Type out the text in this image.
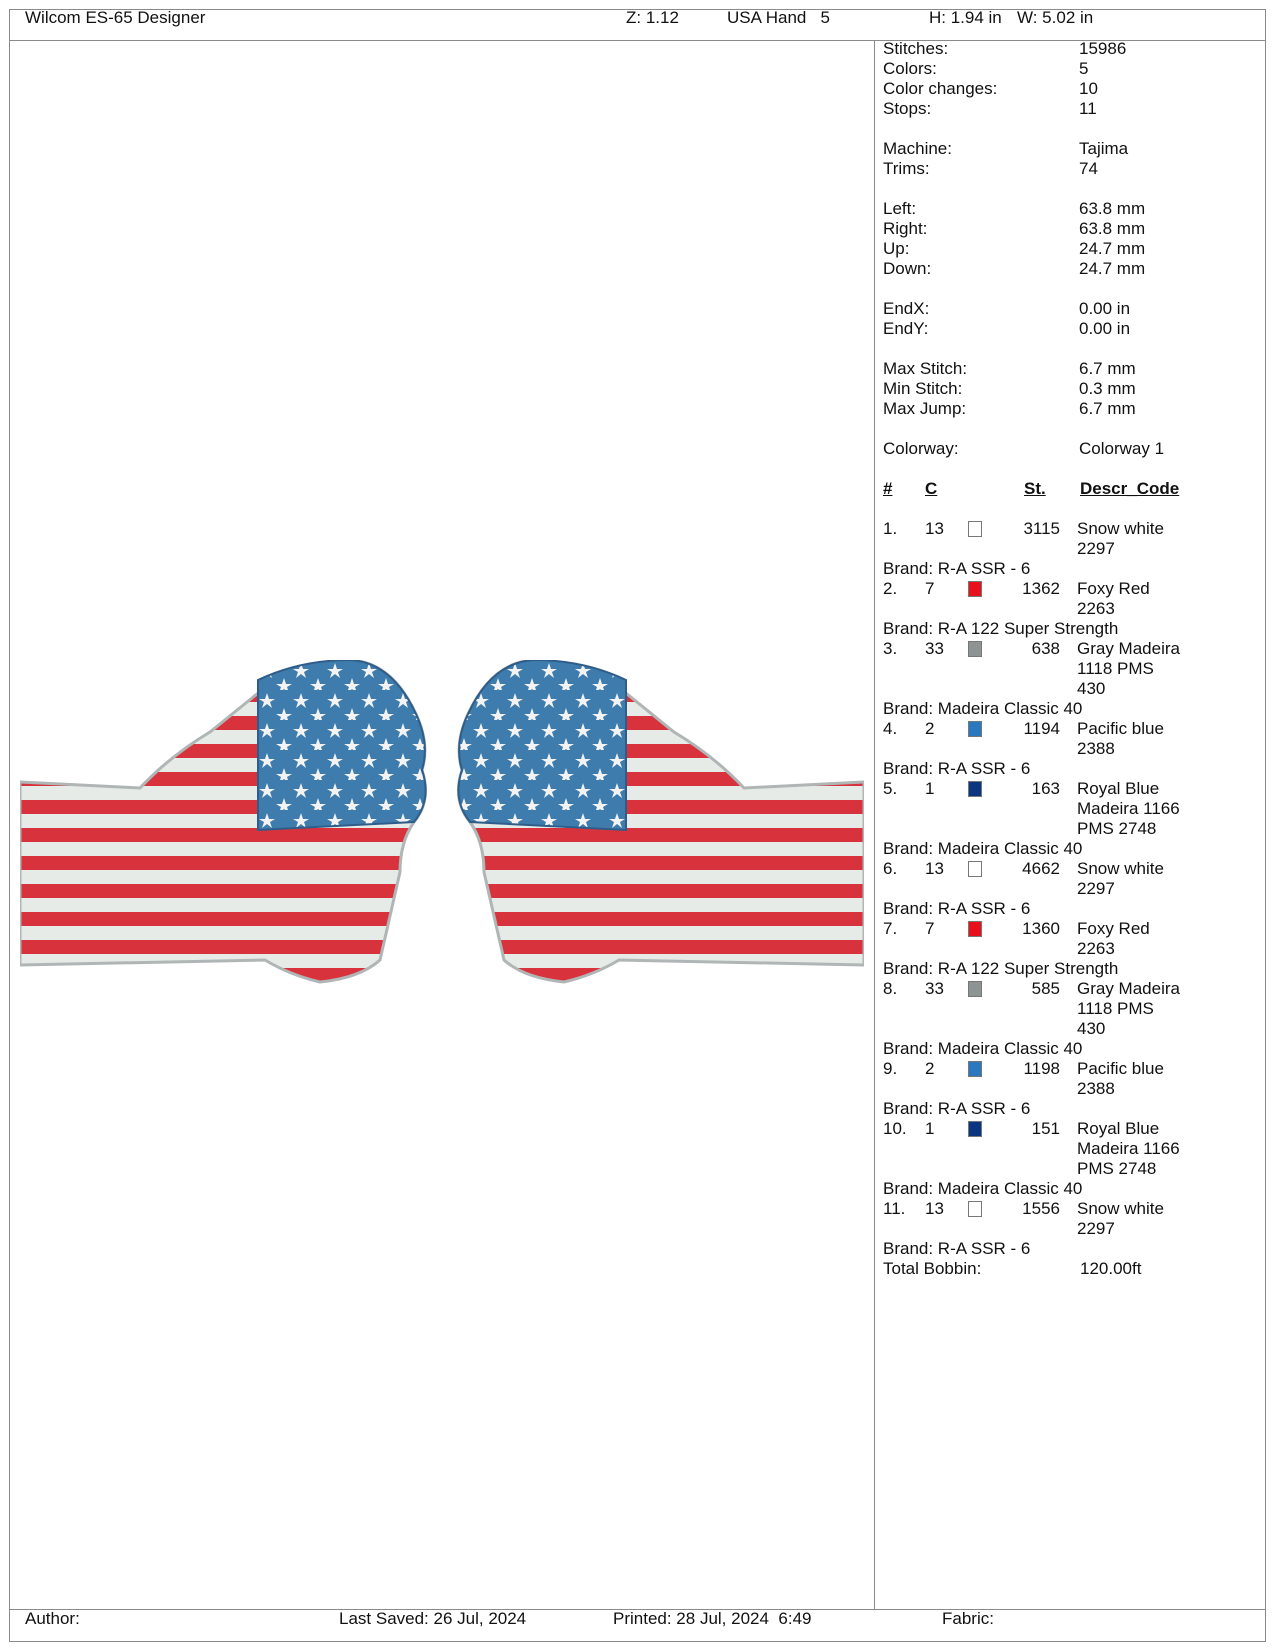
Wilcom ES-65 Designer	Z: 1.12	USA Hand   5	H: 1.94 in W: 5.02 in
Stitches:	15986
Colors:	5
Color changes:	10
Stops:	11
Machine:	Tajima
Trims:	74
Left:	63.8 mm
Right:	63.8 mm
Up:	24.7 mm
Down:	24.7 mm
EndX:	0.00 in
EndY:	0.00 in
Max Stitch:	6.7 mm
Min Stitch:	0.3 mm
Max Jump:	6.7 mm
Colorway:	Colorway 1
# C	St. Descr_Code
1. 13	3115 Snow white
2297
Brand: R-A SSR - 6
2. 7	1362 Foxy Red
2263
Brand: R-A 122 Super Strength
3. 33	638 Gray Madeira
1118 PMS
430
Brand: Madeira Classic 40
4. 2	1194 Pacific blue
2388
Brand: R-A SSR - 6
5. 1	163 Royal Blue
Madeira 1166
PMS 2748
Brand: Madeira Classic 40
6. 13	4662 Snow white
2297
Brand: R-A SSR - 6
7. 7	1360 Foxy Red
2263
Brand: R-A 122 Super Strength
8. 33	585 Gray Madeira
1118 PMS
430
Brand: Madeira Classic 40
9. 2	1198 Pacific blue
2388
Brand: R-A SSR - 6
10. 1	151 Royal Blue
Madeira 1166
PMS 2748
Brand: Madeira Classic 40
11. 13	1556 Snow white
2297
Brand: R-A SSR - 6
Total Bobbin:	120.00ft
Author:	Last Saved: 26 Jul, 2024	Printed: 28 Jul, 2024  6:49	Fabric:
